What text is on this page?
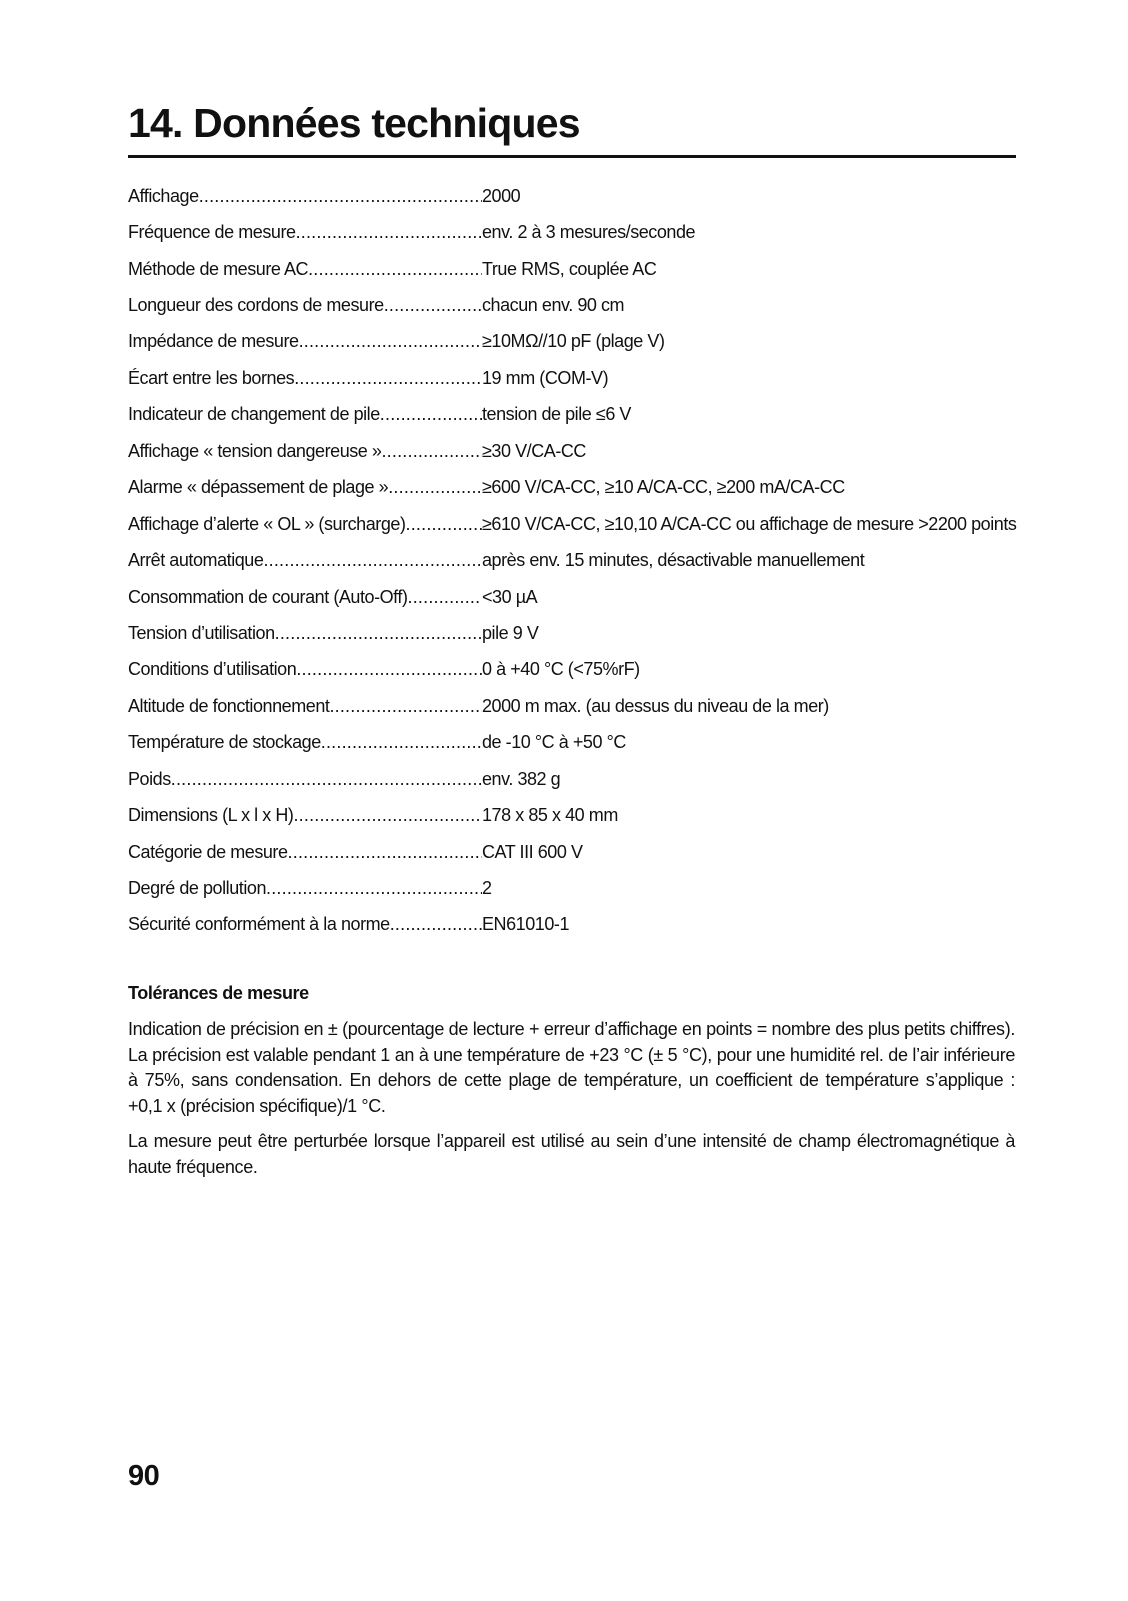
14. Données techniques
Affichage .....	2000
Fréquence de mesure .....	env. 2 à 3 mesures/seconde
Méthode de mesure AC .....	True RMS, couplée AC
Longueur des cordons de mesure .....	chacun env. 90 cm
Impédance de mesure .....	≥10MΩ//10 pF (plage V)
Écart entre les bornes .....	19 mm (COM-V)
Indicateur de changement de pile .....	tension de pile ≤6 V
Affichage « tension dangereuse » .....	≥30 V/CA-CC
Alarme « dépassement de plage » .....	≥600 V/CA-CC, ≥10 A/CA-CC, ≥200 mA/CA-CC
Affichage d’alerte « OL » (surcharge) .....	≥610 V/CA-CC, ≥10,10 A/CA-CC ou affichage de mesure >2200 points
Arrêt automatique .....	après env. 15 minutes, désactivable manuellement
Consommation de courant (Auto-Off) .....	<30 µA
Tension d’utilisation .....	pile 9 V
Conditions d’utilisation .....	0 à +40 °C (<75%rF)
Altitude de fonctionnement .....	2000 m max. (au dessus du niveau de la mer)
Température de stockage .....	de -10 °C à +50 °C
Poids .....	env. 382 g
Dimensions (L x l x H) .....	178 x 85 x 40 mm
Catégorie de mesure .....	CAT III 600 V
Degré de pollution .....	2
Sécurité conformément à la norme .....	EN61010-1
Tolérances de mesure

Indication de précision en ± (pourcentage de lecture + erreur d’affichage en points = nombre des plus petits chiffres). La précision est valable pendant 1 an à une température de +23 °C (± 5 °C), pour une humidité rel. de l’air inférieure à 75%, sans condensation. En dehors de cette plage de température, un coefficient de température s’applique : +0,1 x (précision spécifique)/1 °C.

La mesure peut être perturbée lorsque l’appareil est utilisé au sein d’une intensité de champ électromagnétique à haute fréquence.

90
